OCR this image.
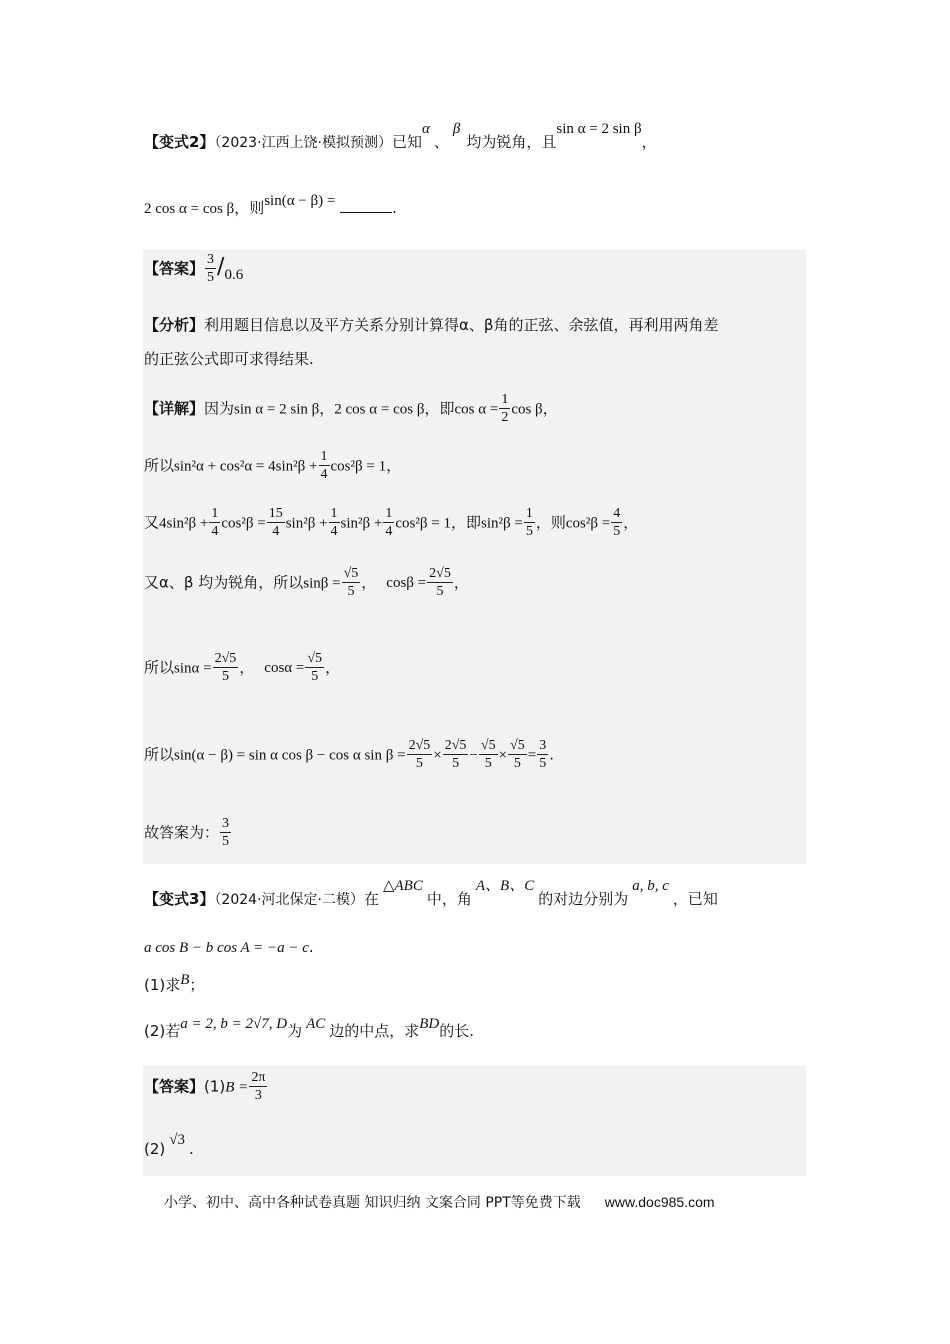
【变式2】（2023·江西上饶·模拟预测）已知α、β均为锐角，且sin α = 2 sin β，
2 cos α = cos β，则sin(α − β) =	.
【答案】 $\frac{3}{5} /0.6$
【分析】利用题目信息以及平方关系分别计算得α、β角的正弦、余弦值，再利用两角差
的正弦公式即可求得结果.
【详解】因为sin α = 2 sin β，2 cos α = cos β，即$\cos \alpha = \frac{1}{2}$ cos β，
所以$\sin^2\alpha + \cos^2\alpha = 4\sin^2\beta + \frac{1}{4} \cos^2\beta = 1$，
又$4\sin^2\beta + \frac{1}{4} \cos^2\beta = \frac{15}{4} \sin^2\beta + \frac{1}{4} \sin^2\beta + \frac{1}{4} \cos^2\beta = 1$，即$\sin^2\beta = \frac{1}{5}$ ，则$\cos^2\beta = \frac{4}{5}$ ，
又α、β 均为锐角，所以$\sin\beta = \frac{√5}{5}$ ， $\cos\beta = \frac{2√5}{5}$ ，
所以$\sin\alpha = \frac{2√5}{5}$ ， $\cos\alpha = \frac{√5}{5}$ ，
所以sin(α − β) = sin α cos β − cos α $\sin \beta = \frac{2√5}{5} \times \frac{2√5}{5} - \frac{√5}{5} \times \frac{√5}{5} = \frac{3}{5}$ .
故答案为： $\frac{3}{5}$
【变式3】（2024·河北保定·二模）在△ABC中，角A、B、C的对边分别为a, b, c，已知
a cos B − b cos A = −a − c.
(1)求B；
(2)若a = 2, b = 2√7, D为 AC 边的中点，求BD的长.
【答案】$(1)B = \frac{2\pi}{3}$
(2) √3 .
小学、初中、高中各种试卷真题 知识归纳 文案合同 PPT等免费下载 www.doc985.com
